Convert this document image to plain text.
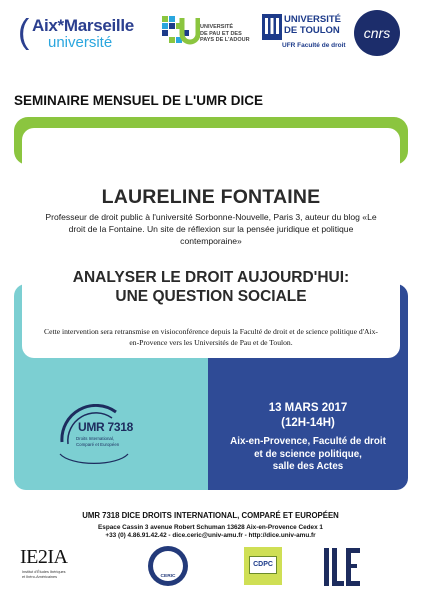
( Aix*Marseille
université
UNIVERSITÉ
DE PAU ET DES
PAYS DE L'ADOUR
UNIVERSITÉ
DE TOULON
UFR Faculté de droit
cnrs
SEMINAIRE MENSUEL DE L'UMR DICE
LAURELINE FONTAINE
Professeur de droit public à l'université Sorbonne-Nouvelle, Paris 3, auteur du blog «Le droit de la Fontaine. Un site de réflexion sur la pensée juridique et politique contemporaine»
ANALYSER LE DROIT AUJOURD'HUI:
UNE QUESTION SOCIALE
Cette intervention sera retransmise en visioconférence depuis la Faculté de droit et de science politique d'Aix-en-Provence vers les Universités de Pau et de Toulon.
UMR 7318
Droits International,
Comparé et Européen
13 MARS 2017
(12H-14H)
Aix-en-Provence, Faculté de droit
et de science politique,
salle des Actes
UMR 7318 DICE DROITS INTERNATIONAL, COMPARÉ ET EUROPÉEN
Espace Cassin 3 avenue Robert Schuman 13628 Aix-en-Provence Cedex 1
+33 (0) 4.86.91.42.42 - dice.ceric@univ-amu.fr - http://dice.univ-amu.fr
IE2IA
Institut d'Études Ibériques
et Ibéro-Américaines	CERIC
CDPC
